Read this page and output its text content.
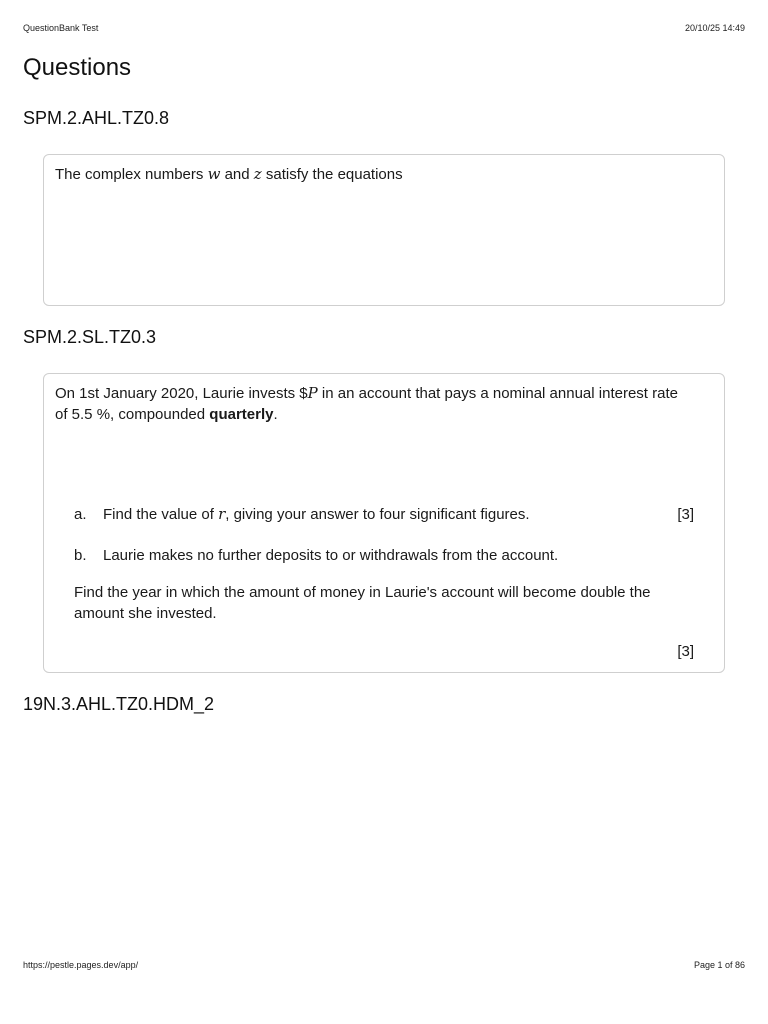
QuestionBank Test	20/10/25 14:49
Questions
SPM.2.AHL.TZ0.8

The complex numbers w and z satisfy the equations

SPM.2.SL.TZ0.3

On 1st January 2020, Laurie invests $P in an account that pays a nominal annual interest rate of 5.5 %, compounded quarterly.

a. Find the value of r, giving your answer to four significant figures.	[3]
b. Laurie makes no further deposits to or withdrawals from the account.
Find the year in which the amount of money in Laurie's account will become double the amount she invested.
[3]
19N.3.AHL.TZ0.HDM_2
https://pestle.pages.dev/app/	Page 1 of 86
